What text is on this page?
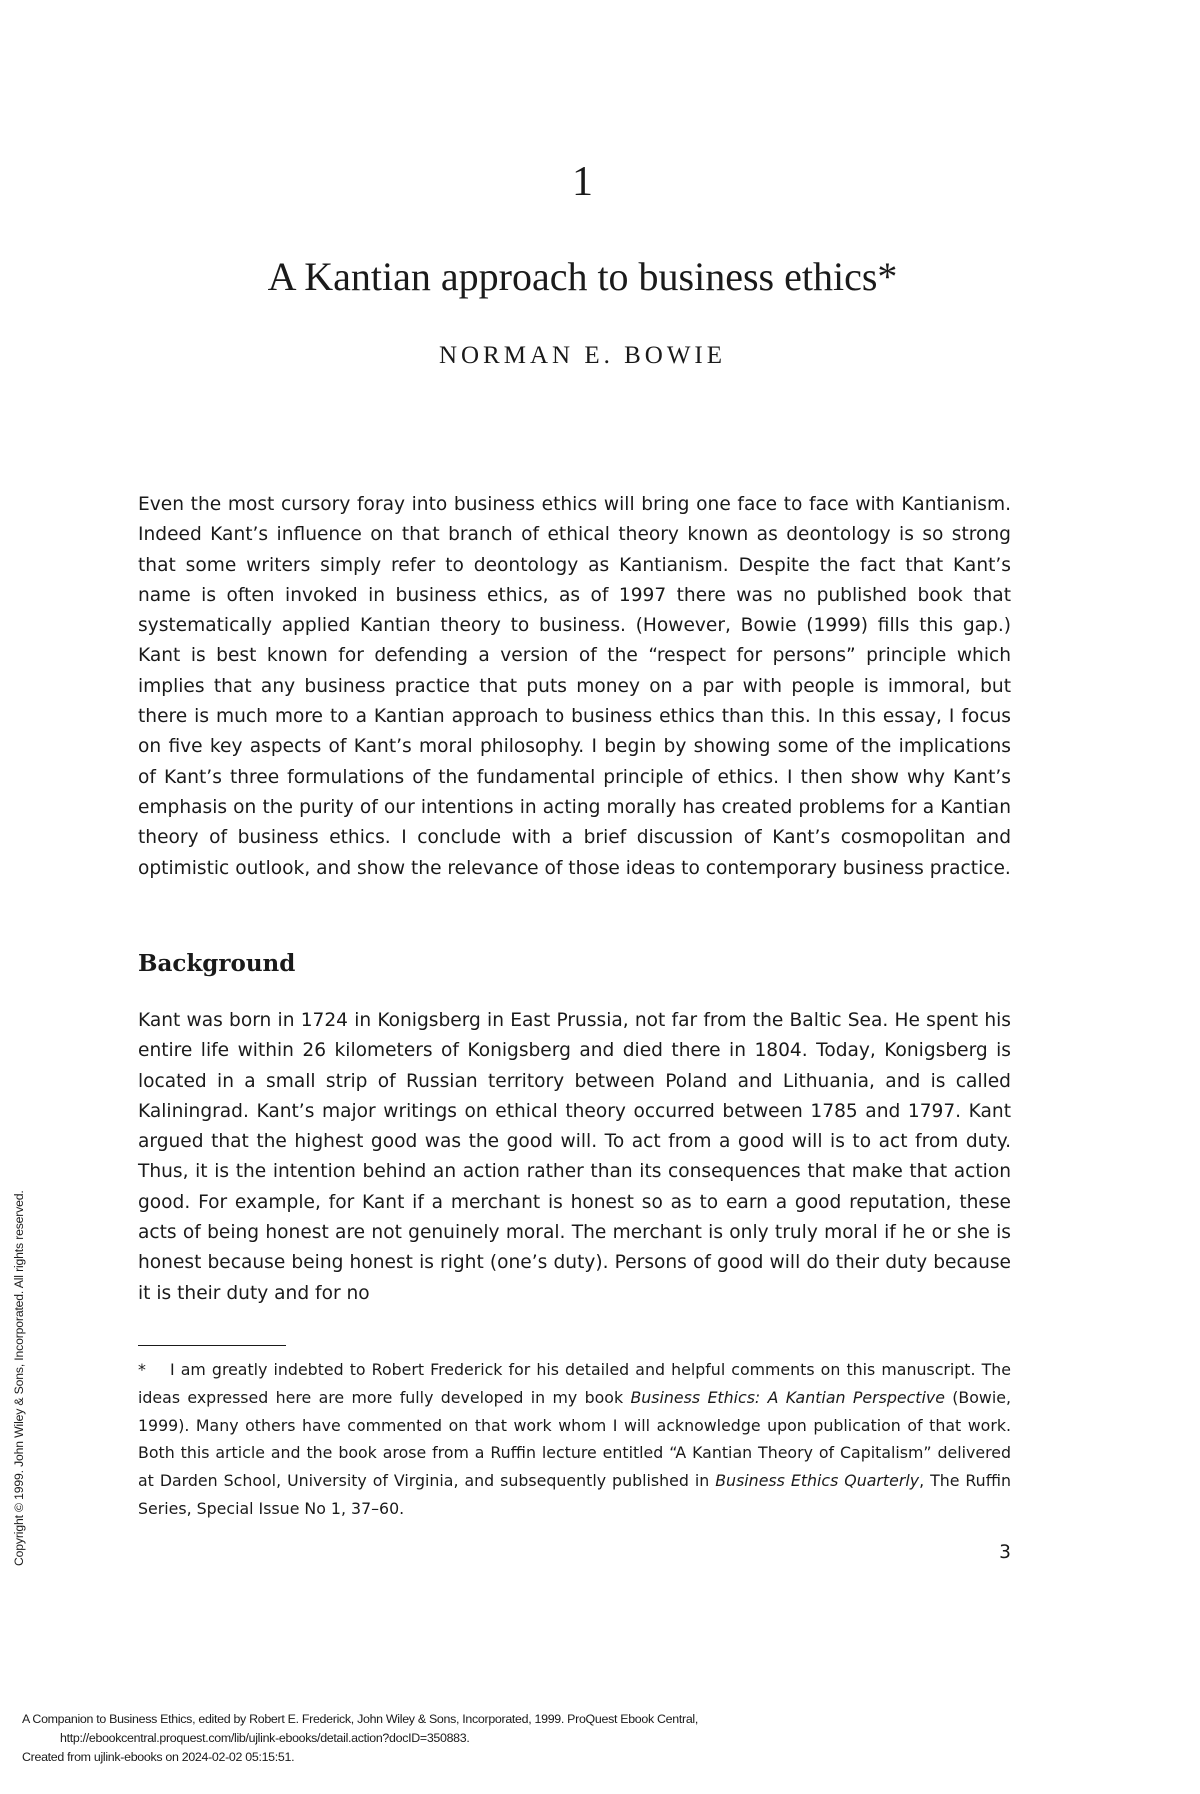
1
A Kantian approach to business ethics*
NORMAN E. BOWIE

Even the most cursory foray into business ethics will bring one face to face with Kantianism. Indeed Kant’s influence on that branch of ethical theory known as deontology is so strong that some writers simply refer to deontology as Kantianism. Despite the fact that Kant’s name is often invoked in business ethics, as of 1997 there was no published book that systematically applied Kantian theory to business. (However, Bowie (1999) fills this gap.) Kant is best known for defending a version of the “respect for persons” principle which implies that any business practice that puts money on a par with people is immoral, but there is much more to a Kantian approach to business ethics than this. In this essay, I focus on five key aspects of Kant’s moral philosophy. I begin by showing some of the implications of Kant’s three formulations of the fundamental principle of ethics. I then show why Kant’s emphasis on the purity of our intentions in acting morally has created problems for a Kantian theory of business ethics. I conclude with a brief discussion of Kant’s cosmopolitan and optimistic outlook, and show the relevance of those ideas to contemporary business practice.

Background

Kant was born in 1724 in Konigsberg in East Prussia, not far from the Baltic Sea. He spent his entire life within 26 kilometers of Konigsberg and died there in 1804. Today, Konigsberg is located in a small strip of Russian territory between Poland and Lithuania, and is called Kaliningrad. Kant’s major writings on ethical theory occurred between 1785 and 1797. Kant argued that the highest good was the good will. To act from a good will is to act from duty. Thus, it is the intention behind an action rather than its consequences that make that action good. For example, for Kant if a merchant is honest so as to earn a good reputation, these acts of being honest are not genuinely moral. The merchant is only truly moral if he or she is honest because being honest is right (one’s duty). Persons of good will do their duty because it is their duty and for no

* I am greatly indebted to Robert Frederick for his detailed and helpful comments on this manuscript. The ideas expressed here are more fully developed in my book Business Ethics: A Kantian Perspective (Bowie, 1999). Many others have commented on that work whom I will acknowledge upon publication of that work. Both this article and the book arose from a Ruffin lecture entitled “A Kantian Theory of Capitalism” delivered at Darden School, University of Virginia, and subsequently published in Business Ethics Quarterly, The Ruffin Series, Special Issue No 1, 37–60.
3
Copyright © 1999. John Wiley & Sons, Incorporated. All rights reserved.
A Companion to Business Ethics, edited by Robert E. Frederick, John Wiley & Sons, Incorporated, 1999. ProQuest Ebook Central,
http://ebookcentral.proquest.com/lib/ujlink-ebooks/detail.action?docID=350883.
Created from ujlink-ebooks on 2024-02-02 05:15:51.
